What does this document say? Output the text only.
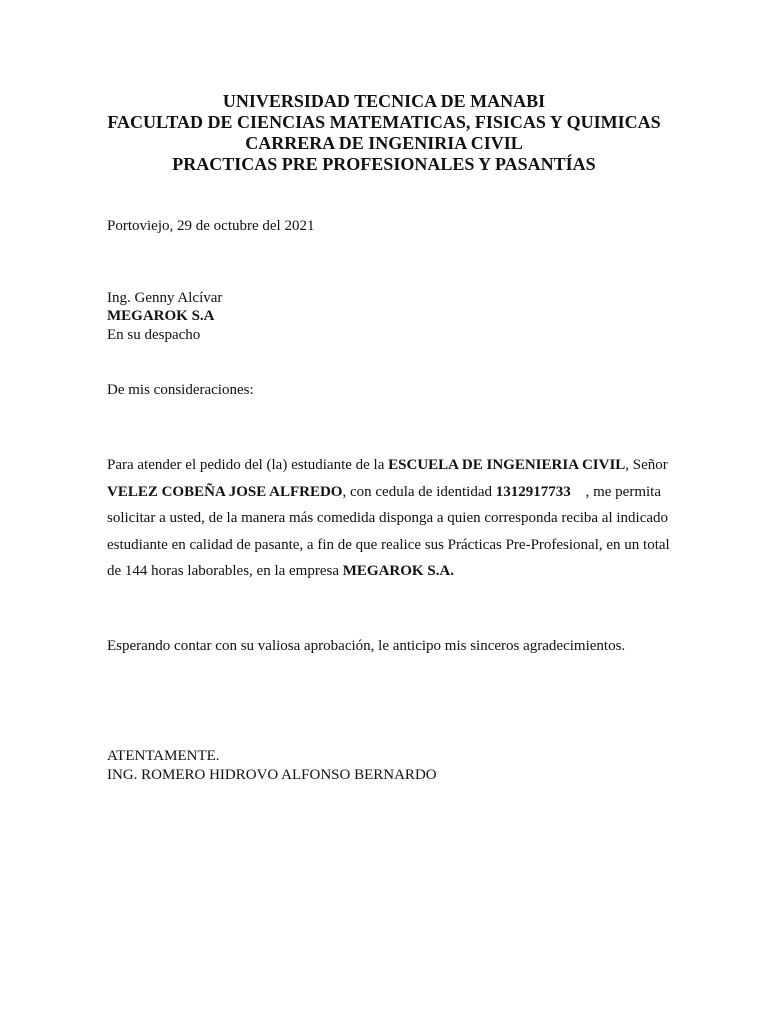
UNIVERSIDAD TECNICA DE MANABI
FACULTAD DE CIENCIAS MATEMATICAS, FISICAS Y QUIMICAS
CARRERA DE INGENIRIA CIVIL
PRACTICAS PRE PROFESIONALES Y PASANTÍAS
Portoviejo, 29 de octubre del 2021
Ing. Genny Alcívar
MEGAROK S.A
En su despacho
De mis consideraciones:
Para atender el pedido del (la) estudiante de la ESCUELA DE INGENIERIA CIVIL, Señor
VELEZ COBEÑA JOSE ALFREDO, con cedula de identidad 1312917733 , me permita
solicitar a usted, de la manera más comedida disponga a quien corresponda reciba al indicado
estudiante en calidad de pasante, a fin de que realice sus Prácticas Pre-Profesional, en un total
de 144 horas laborables, en la empresa MEGAROK S.A.
Esperando contar con su valiosa aprobación, le anticipo mis sinceros agradecimientos.
ATENTAMENTE.
ING. ROMERO HIDROVO ALFONSO BERNARDO
